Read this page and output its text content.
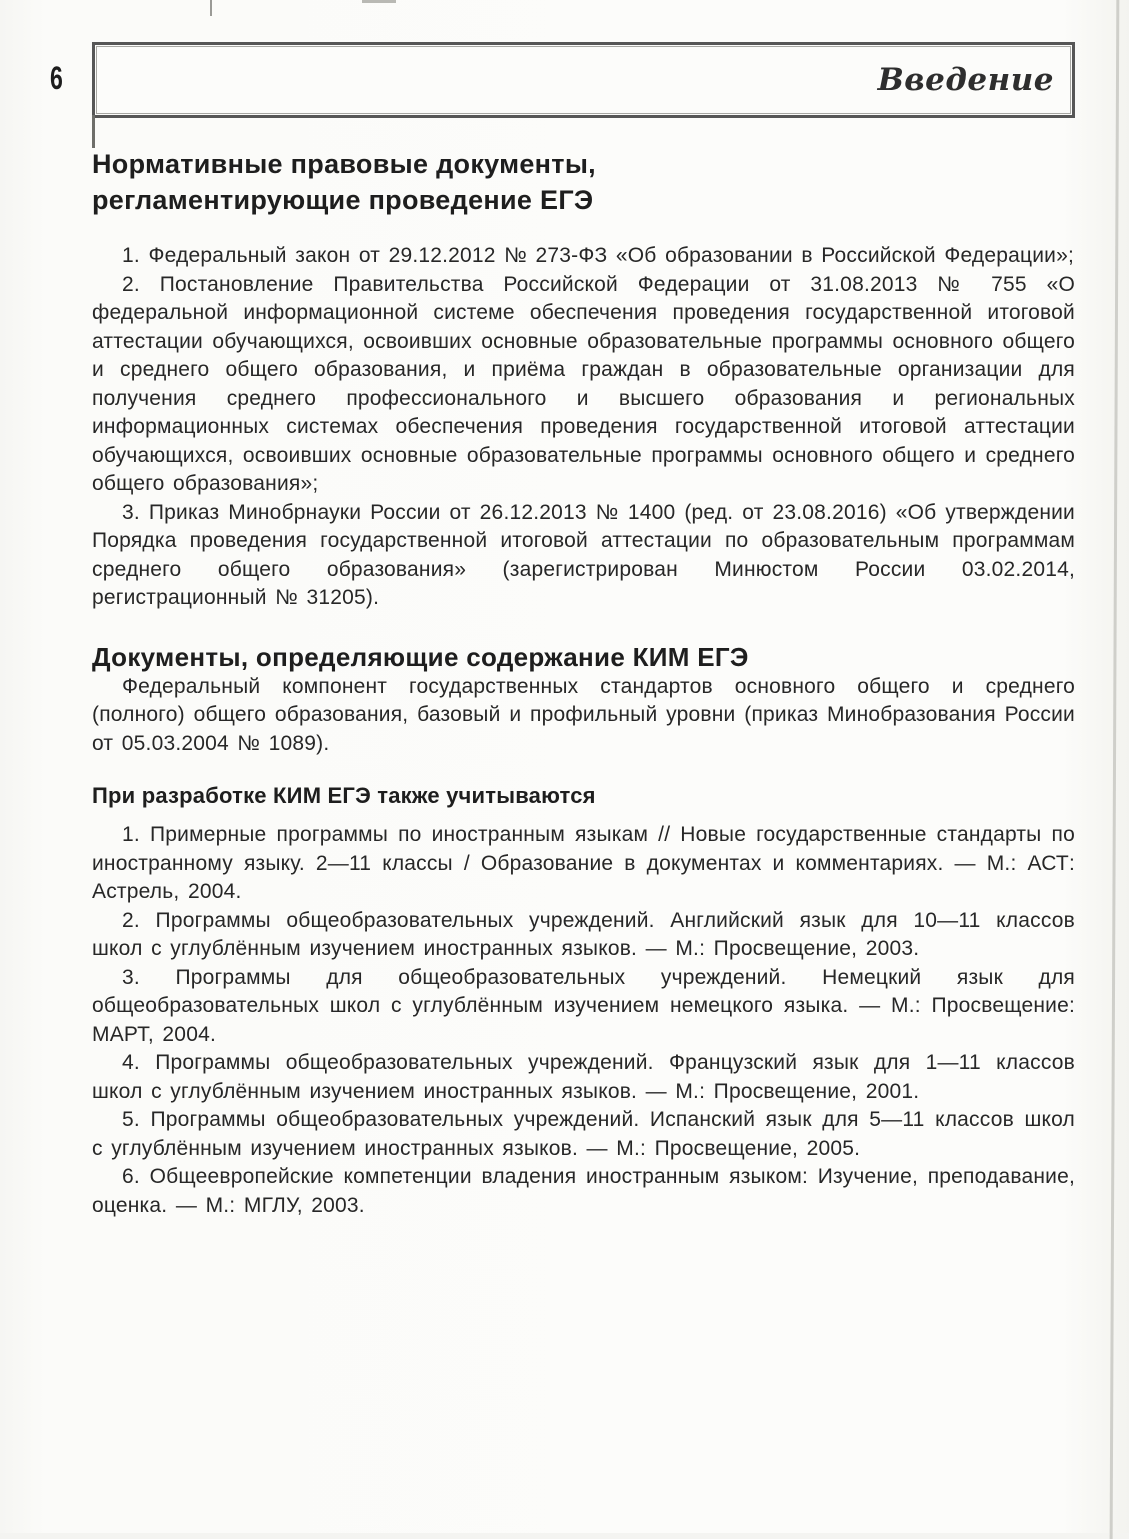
6	Введение
Нормативные правовые документы,
регламентирующие проведение ЕГЭ

1. Федеральный закон от 29.12.2012 № 273-ФЗ «Об образовании в Российской Федерации»;

2. Постановление Правительства Российской Федерации от 31.08.2013 № 755 «О федеральной информационной системе обеспечения проведения государственной итоговой аттестации обучающихся, освоивших основные образовательные программы основного общего и среднего общего образования, и приёма граждан в образовательные организации для получения среднего профессионального и высшего образования и региональных информационных системах обеспечения проведения государственной итоговой аттестации обучающихся, освоивших основные образовательные программы основного общего и среднего общего образования»;

3. Приказ Минобрнауки России от 26.12.2013 № 1400 (ред. от 23.08.2016) «Об утверждении Порядка проведения государственной итоговой аттестации по образовательным программам среднего общего образования» (зарегистрирован Минюстом России 03.02.2014, регистрационный № 31205).

Документы, определяющие содержание КИМ ЕГЭ

Федеральный компонент государственных стандартов основного общего и среднего (полного) общего образования, базовый и профильный уровни (приказ Минобразования России от 05.03.2004 № 1089).

При разработке КИМ ЕГЭ также учитываются

1. Примерные программы по иностранным языкам // Новые государственные стандарты по иностранному языку. 2—11 классы / Образование в документах и комментариях. — М.: АСТ: Астрель, 2004.

2. Программы общеобразовательных учреждений. Английский язык для 10—11 классов школ с углублённым изучением иностранных языков. — М.: Просвещение, 2003.

3. Программы для общеобразовательных учреждений. Немецкий язык для общеобразовательных школ с углублённым изучением немецкого языка. — М.: Просвещение: МАРТ, 2004.

4. Программы общеобразовательных учреждений. Французский язык для 1—11 классов школ с углублённым изучением иностранных языков. — М.: Просвещение, 2001.

5. Программы общеобразовательных учреждений. Испанский язык для 5—11 классов школ с углублённым изучением иностранных языков. — М.: Просвещение, 2005.

6. Общеевропейские компетенции владения иностранным языком: Изучение, преподавание, оценка. — М.: МГЛУ, 2003.
